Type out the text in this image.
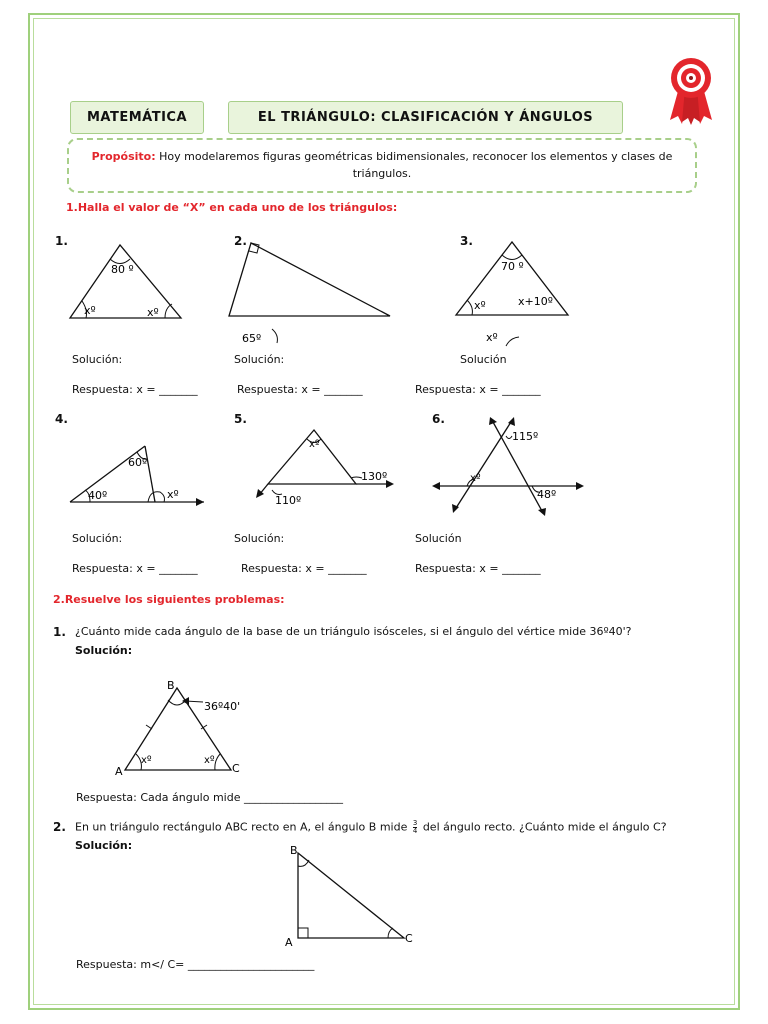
MATEMÁTICA	EL TRIÁNGULO: CLASIFICACIÓN Y ÁNGULOS
Propósito: Hoy modelaremos figuras geométricas bidimensionales, reconocer los elementos y clases de triángulos.
1.Halla el valor de “X” en cada uno de los triángulos:
1.	2.	3.
4.	5.	6.
80 º
xº	xº
65º
70 º
xº	x+10º
xº
60º
40º	xº
xº
130º
110º
115º
xº
48º
Solución:	Solución:	Solución
Respuesta: x = _______	Respuesta: x = _______	Respuesta: x = _______
Solución:	Solución:	Solución
Respuesta: x = _______	Respuesta: x = _______	Respuesta: x = _______
2.Resuelve los siguientes problemas:
1. ¿Cuánto mide cada ángulo de la base de un triángulo isósceles, si el ángulo del vértice mide 36º40'?
Solución:
B
A	C
36º40'
xº	xº
Respuesta: Cada ángulo mide __________________
2. En un triángulo rectángulo ABC recto en A, el ángulo B mide $\frac{3}{4}$ del ángulo recto. ¿Cuánto mide el ángulo C?
Solución:	B
A	C
Respuesta: m</ C= _______________________
